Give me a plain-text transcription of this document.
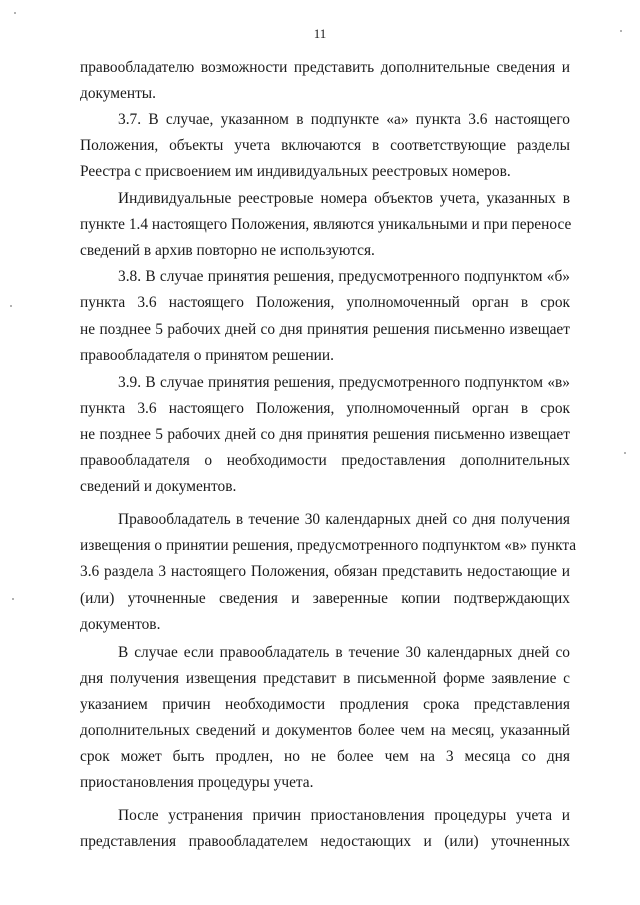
11
правообладателю возможности представить дополнительные сведения и
документы.
3.7. В случае, указанном в подпункте «а» пункта 3.6 настоящего
Положения, объекты учета включаются в соответствующие разделы
Реестра с присвоением им индивидуальных реестровых номеров.
Индивидуальные реестровые номера объектов учета, указанных в
пункте 1.4 настоящего Положения, являются уникальными и при переносе
сведений в архив повторно не используются.
3.8. В случае принятия решения, предусмотренного подпунктом «б»
пункта 3.6 настоящего Положения, уполномоченный орган в срок
не позднее 5 рабочих дней со дня принятия решения письменно извещает
правообладателя о принятом решении.
3.9. В случае принятия решения, предусмотренного подпунктом «в»
пункта 3.6 настоящего Положения, уполномоченный орган в срок
не позднее 5 рабочих дней со дня принятия решения письменно извещает
правообладателя о необходимости предоставления дополнительных
сведений и документов.
Правообладатель в течение 30 календарных дней со дня получения
извещения о принятии решения, предусмотренного подпунктом «в» пункта
3.6 раздела 3 настоящего Положения, обязан представить недостающие и
(или) уточненные сведения и заверенные копии подтверждающих
документов.
В случае если правообладатель в течение 30 календарных дней со
дня получения извещения представит в письменной форме заявление с
указанием причин необходимости продления срока представления
дополнительных сведений и документов более чем на месяц, указанный
срок может быть продлен, но не более чем на 3 месяца со дня
приостановления процедуры учета.
После устранения причин приостановления процедуры учета и
представления правообладателем недостающих и (или) уточненных
